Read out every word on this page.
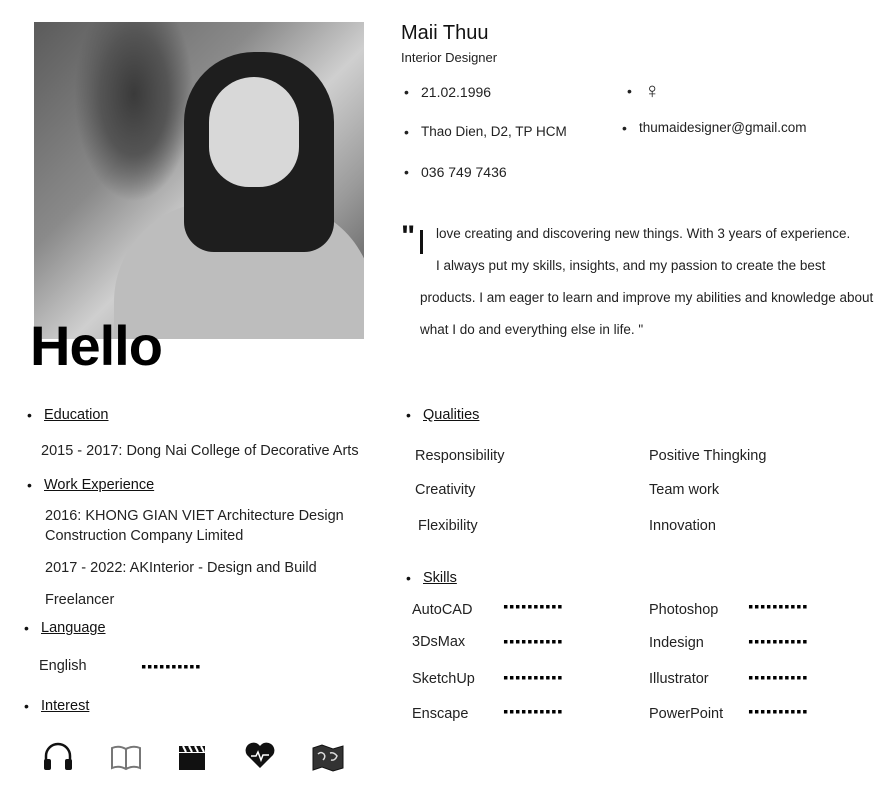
Hello
Maii Thuu
Interior Designer
• 21.02.1996	• ♀
• Thao Dien, D2, TP HCM	• thumaidesigner@gmail.com
• 036 749 7436
" love creating and discovering new things. With 3 years of experience.
I always put my skills, insights, and my passion to create the best
products. I am eager to learn and improve my abilities and knowledge about
what I do and everything else in life. "
• Education
2015 - 2017: Dong Nai College of Decorative Arts
• Work Experience
2016: KHONG GIAN VIET Architecture Design
Construction Company Limited
2017 - 2022: AKInterior - Design and Build
Freelancer
• Language
English	▪▪▪▪▪▪▪▪▪▪
• Interest
• Qualities
Responsibility	Positive Thingking
Creativity	Team work
Flexibility	Innovation
• Skills
AutoCAD	▪▪▪▪▪▪▪▪▪▪	Photoshop	▪▪▪▪▪▪▪▪▪▪
3DsMax	▪▪▪▪▪▪▪▪▪▪	Indesign	▪▪▪▪▪▪▪▪▪▪
SketchUp	▪▪▪▪▪▪▪▪▪▪	Illustrator	▪▪▪▪▪▪▪▪▪▪
Enscape	▪▪▪▪▪▪▪▪▪▪	PowerPoint	▪▪▪▪▪▪▪▪▪▪
